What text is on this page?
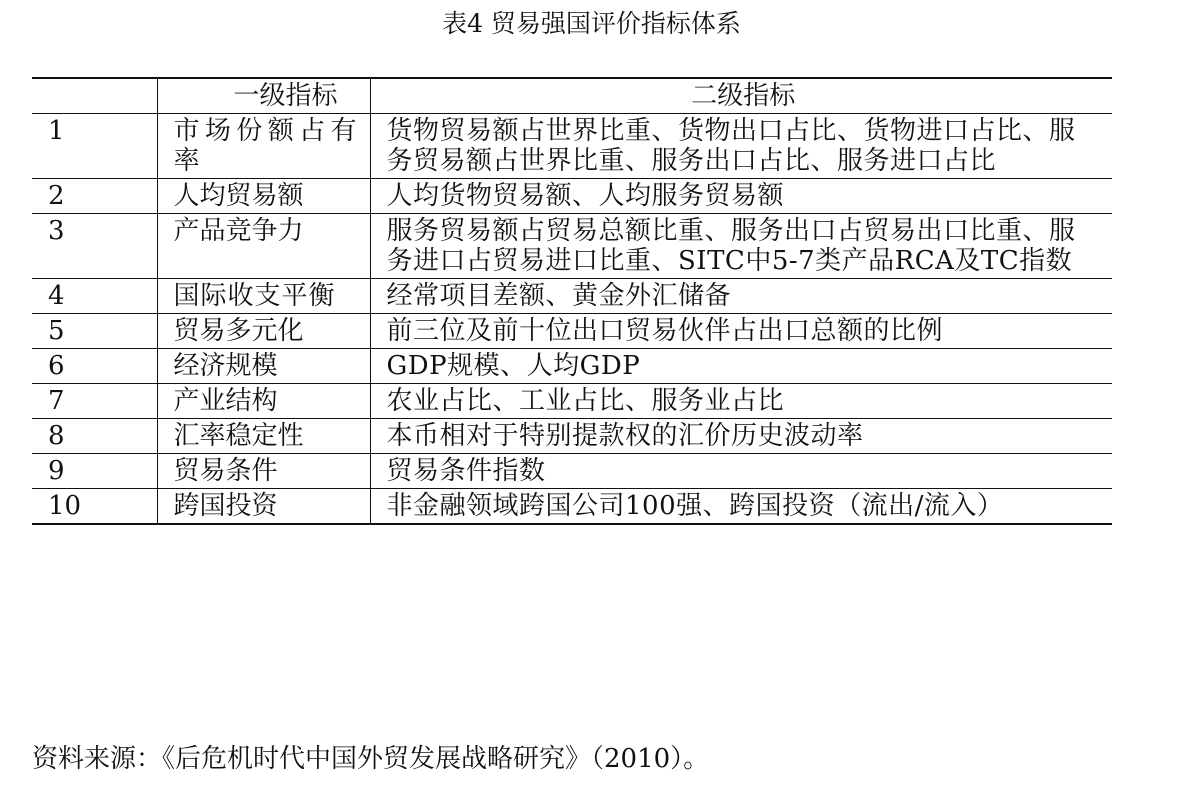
表4 贸易强国评价指标体系
	一级指标	二级指标
1	市场份额占有率	货物贸易额占世界比重、货物出口占比、货物进口占比、服务贸易额占世界比重、服务出口占比、服务进口占比
2	人均贸易额	人均货物贸易额、人均服务贸易额
3	产品竞争力	服务贸易额占贸易总额比重、服务出口占贸易出口比重、服务进口占贸易进口比重、SITC中5-7类产品RCA及TC指数
4	国际收支平衡	经常项目差额、黄金外汇储备
5	贸易多元化	前三位及前十位出口贸易伙伴占出口总额的比例
6	经济规模	GDP规模、人均GDP
7	产业结构	农业占比、工业占比、服务业占比
8	汇率稳定性	本币相对于特别提款权的汇价历史波动率
9	贸易条件	贸易条件指数
10	跨国投资	非金融领域跨国公司100强、跨国投资（流出/流入）
资料来源：《后危机时代中国外贸发展战略研究》（2010）。
